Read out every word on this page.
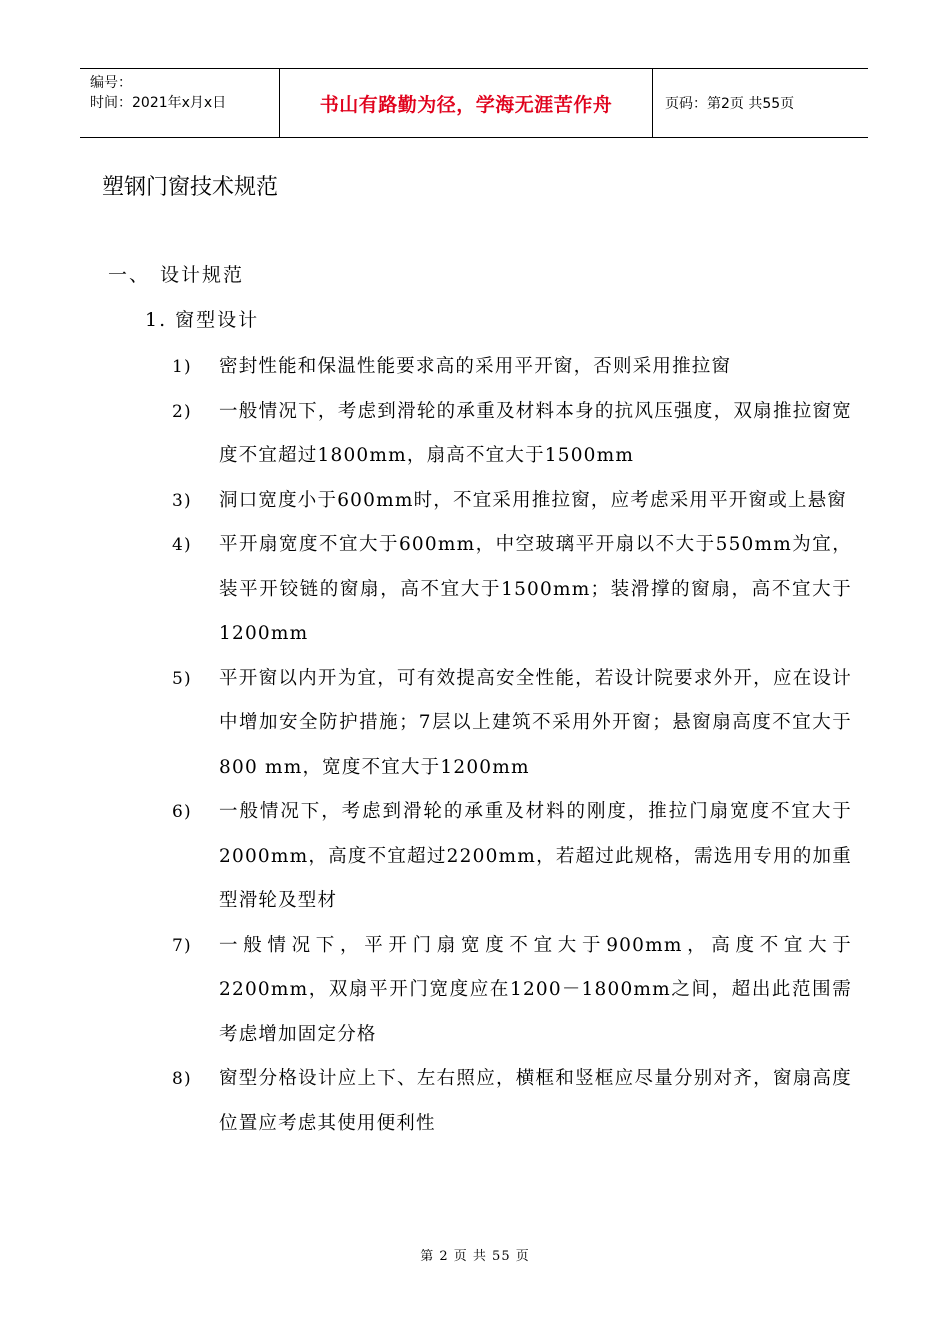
编号：
时间：2021年x月x日	书山有路勤为径，学海无涯苦作舟	页码：第2页 共55页
塑钢门窗技术规范
一、 设计规范
1. 窗型设计
1)	密封性能和保温性能要求高的采用平开窗，否则采用推拉窗
2)	一般情况下，考虑到滑轮的承重及材料本身的抗风压强度，双扇推拉窗宽度不宜超过1800mm，扇高不宜大于1500mm
3)	洞口宽度小于600mm时，不宜采用推拉窗，应考虑采用平开窗或上悬窗
4)	平开扇宽度不宜大于600mm，中空玻璃平开扇以不大于550mm为宜，装平开铰链的窗扇，高不宜大于1500mm；装滑撑的窗扇，高不宜大于1200mm
5)	平开窗以内开为宜，可有效提高安全性能，若设计院要求外开，应在设计中增加安全防护措施；7层以上建筑不采用外开窗；悬窗扇高度不宜大于800 mm，宽度不宜大于1200mm
6)	一般情况下，考虑到滑轮的承重及材料的刚度，推拉门扇宽度不宜大于2000mm，高度不宜超过2200mm，若超过此规格，需选用专用的加重型滑轮及型材
7)	一般情况下，平开门扇宽度不宜大于900mm，高度不宜大于2200mm，双扇平开门宽度应在1200－1800mm之间，超出此范围需考虑增加固定分格
8)	窗型分格设计应上下、左右照应，横框和竖框应尽量分别对齐，窗扇高度位置应考虑其使用便利性
第 2 页 共 55 页
